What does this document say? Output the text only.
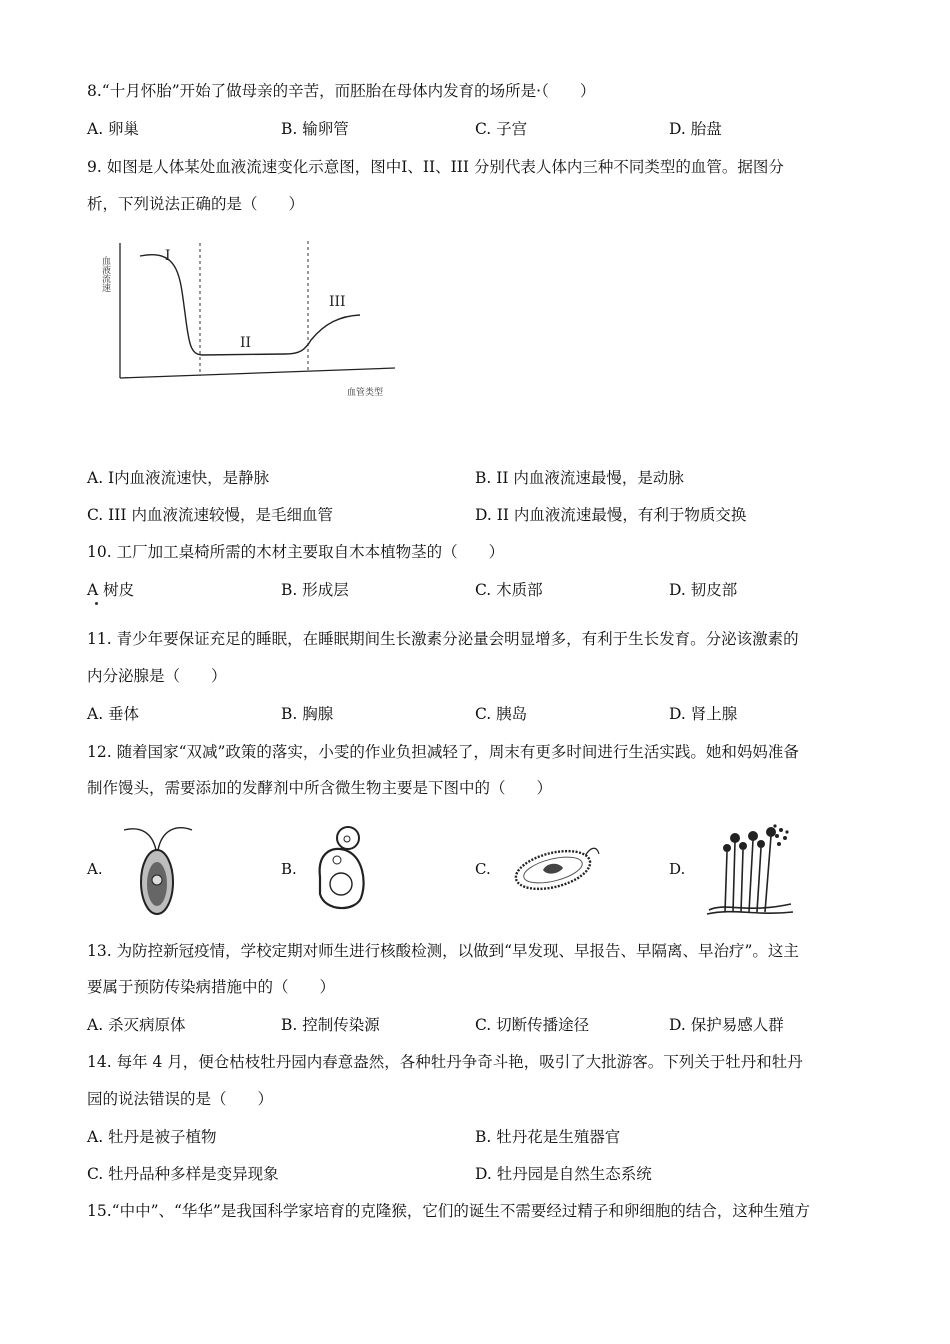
8.“十月怀胎”开始了做母亲的辛苦，而胚胎在母体内发育的场所是·（　　）
A. 卵巢	B. 输卵管	C. 子宫	D. 胎盘
9. 如图是人体某处血液流速变化示意图，图中Ⅰ、II、III 分别代表人体内三种不同类型的血管。据图分
析，下列说法正确的是（　　）
血液流速	I
II
III
血管类型
A. Ⅰ内血液流速快，是静脉	B. II 内血液流速最慢，是动脉
C. III 内血液流速较慢，是毛细血管	D. II 内血液流速最慢，有利于物质交换
10. 工厂加工桌椅所需的木材主要取自木本植物茎的（　　）
A 树皮	B. 形成层	C. 木质部	D. 韧皮部
11. 青少年要保证充足的睡眠，在睡眠期间生长激素分泌量会明显增多，有利于生长发育。分泌该激素的
内分泌腺是（　　）
A. 垂体	B. 胸腺	C. 胰岛	D. 肾上腺
12. 随着国家“双减”政策的落实，小雯的作业负担减轻了，周末有更多时间进行生活实践。她和妈妈准备
制作馒头，需要添加的发酵剂中所含微生物主要是下图中的（　　）
A.	B.	C.	D.
13. 为防控新冠疫情，学校定期对师生进行核酸检测，以做到“早发现、早报告、早隔离、早治疗”。这主
要属于预防传染病措施中的（　　）
A. 杀灭病原体	B. 控制传染源	C. 切断传播途径	D. 保护易感人群
14. 每年 4 月，便仓枯枝牡丹园内春意盎然，各种牡丹争奇斗艳，吸引了大批游客。下列关于牡丹和牡丹
园的说法错误的是（　　）
A. 牡丹是被子植物	B. 牡丹花是生殖器官
C. 牡丹品种多样是变异现象	D. 牡丹园是自然生态系统
15.“中中”、“华华”是我国科学家培育的克隆猴，它们的诞生不需要经过精子和卵细胞的结合，这种生殖方
